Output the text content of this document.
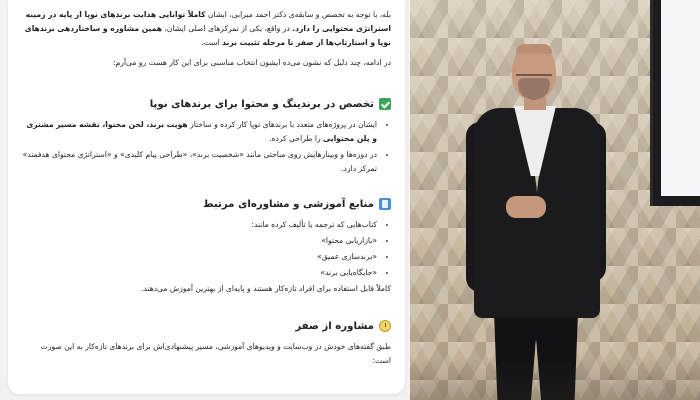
بله، با توجه به تخصص و سابقه‌ی دکتر احمد میرابی، ایشان کاملاً توانایی هدایت برندهای نوپا از پایه در زمینه استراتژی محتوایی را دارد. در واقع، یکی از تمرکزهای اصلی ایشان، همین مشاوره و ساختاردهی برندهای نوپا و استارتاپ‌ها از صفر تا مرحله تثبیت برند است.

در ادامه، چند دلیل که نشون می‌ده ایشون انتخاب مناسبی برای این کار هست رو می‌آرم:

تخصص در برندینگ و محتوا برای برندهای نوپا
• ایشان در پروژه‌های متعدد با برندهای نوپا کار کرده و ساختار هویت برند، لحن محتوا، نقشه مسیر مشتری و پلن محتوایی را طراحی کرده.
• در دوره‌ها و وبینارهایش روی مباحثی مانند «شخصیت برند»، «طراحی پیام کلیدی» و «استراتژی محتوای هدفمند» تمرکز دارد.
منابع آموزشی و مشاوره‌ای مرتبط
• کتاب‌هایی که ترجمه یا تألیف کرده مانند:
• «بازاریابی محتوا»
• «برندسازی عمیق»
• «جایگاه‌یابی برند»

کاملاً قابل استفاده برای افراد تازه‌کار هستند و پایه‌ای از بهترین آموزش می‌دهند.

مشاوره از صفر

طبق گفته‌های خودش در وب‌سایت و ویدیوهای آموزشی، مسیر پیشنهادی‌اش برای برندهای تازه‌کار به این صورت است:
